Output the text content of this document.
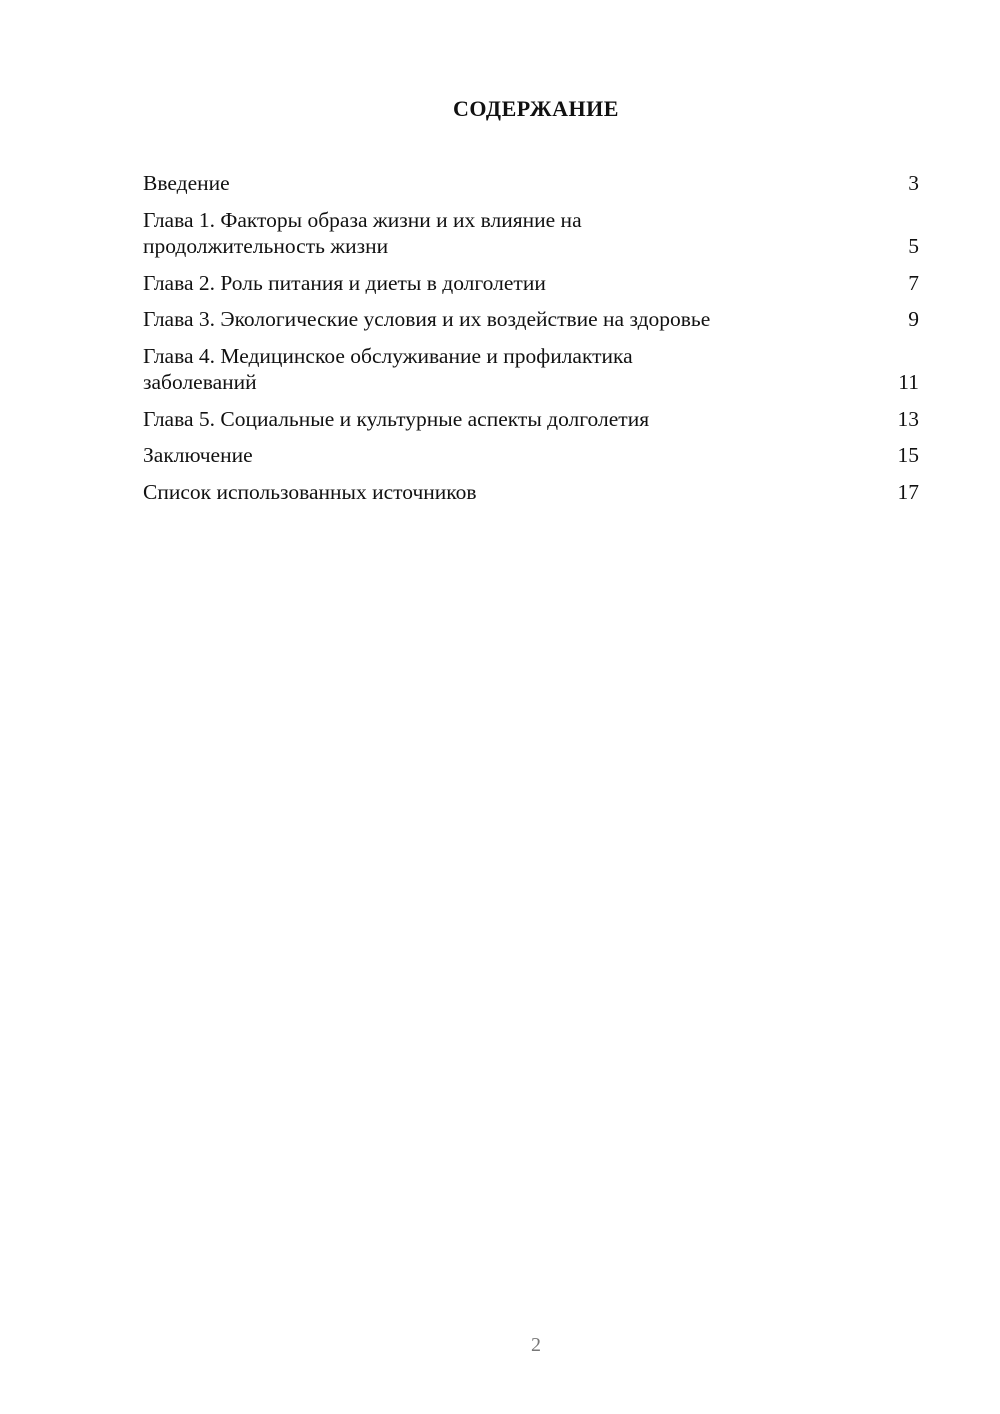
СОДЕРЖАНИЕ
Введение	3
Глава 1. Факторы образа жизни и их влияние на продолжительность жизни	5
Глава 2. Роль питания и диеты в долголетии	7
Глава 3. Экологические условия и их воздействие на здоровье	9
Глава 4. Медицинское обслуживание и профилактика заболеваний	11
Глава 5. Социальные и культурные аспекты долголетия	13
Заключение	15
Список использованных источников	17
2
